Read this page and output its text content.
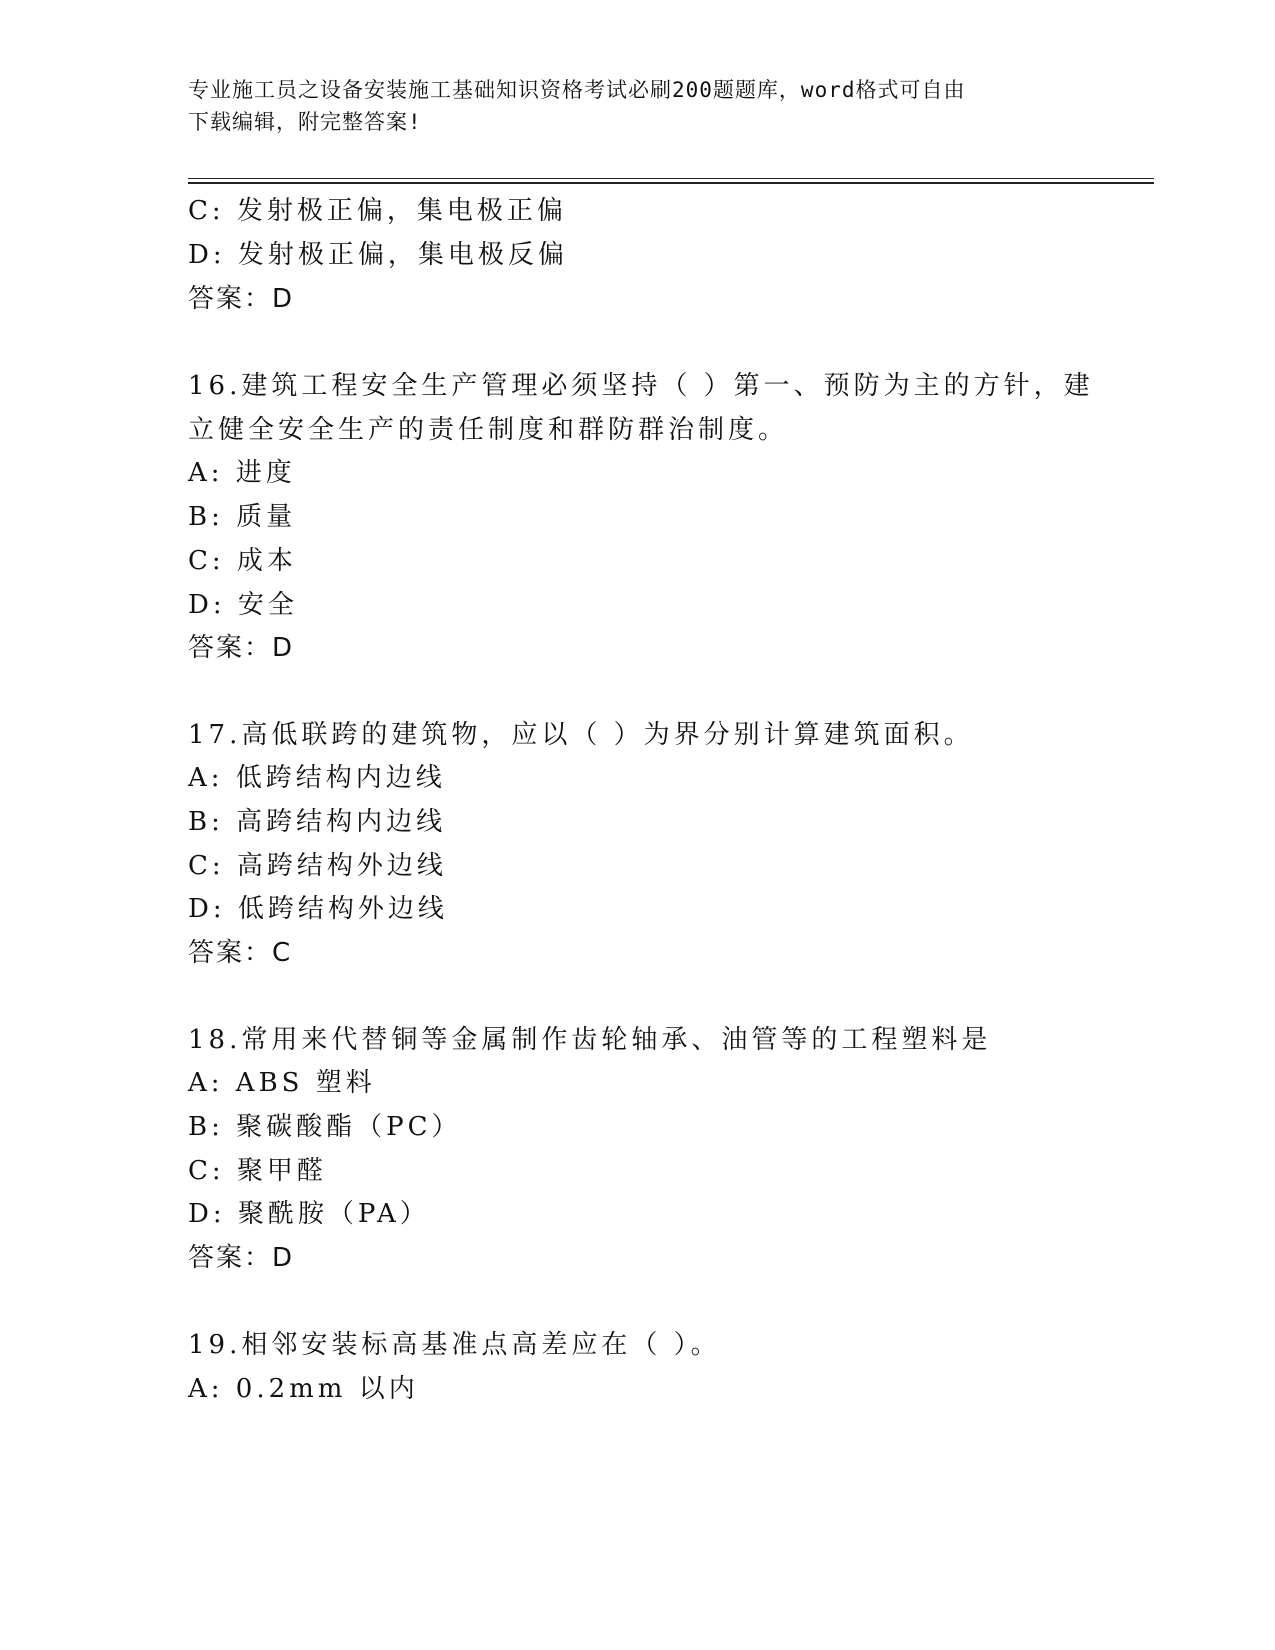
专业施工员之设备安装施工基础知识资格考试必刷200题题库，word格式可自由
下载编辑，附完整答案!
C: 发射极正偏，集电极正偏
D: 发射极正偏，集电极反偏
答案：D
16.建筑工程安全生产管理必须坚持（ ）第一、预防为主的方针，建
立健全安全生产的责任制度和群防群治制度。
A: 进度
B: 质量
C: 成本
D: 安全
答案：D
17.高低联跨的建筑物，应以（ ）为界分别计算建筑面积。
A: 低跨结构内边线
B: 高跨结构内边线
C: 高跨结构外边线
D: 低跨结构外边线
答案：C
18.常用来代替铜等金属制作齿轮轴承、油管等的工程塑料是
A: ABS 塑料
B: 聚碳酸酯（PC）
C: 聚甲醛
D: 聚酰胺（PA）
答案：D
19.相邻安装标高基准点高差应在（ ）。
A: 0.2mm 以内
